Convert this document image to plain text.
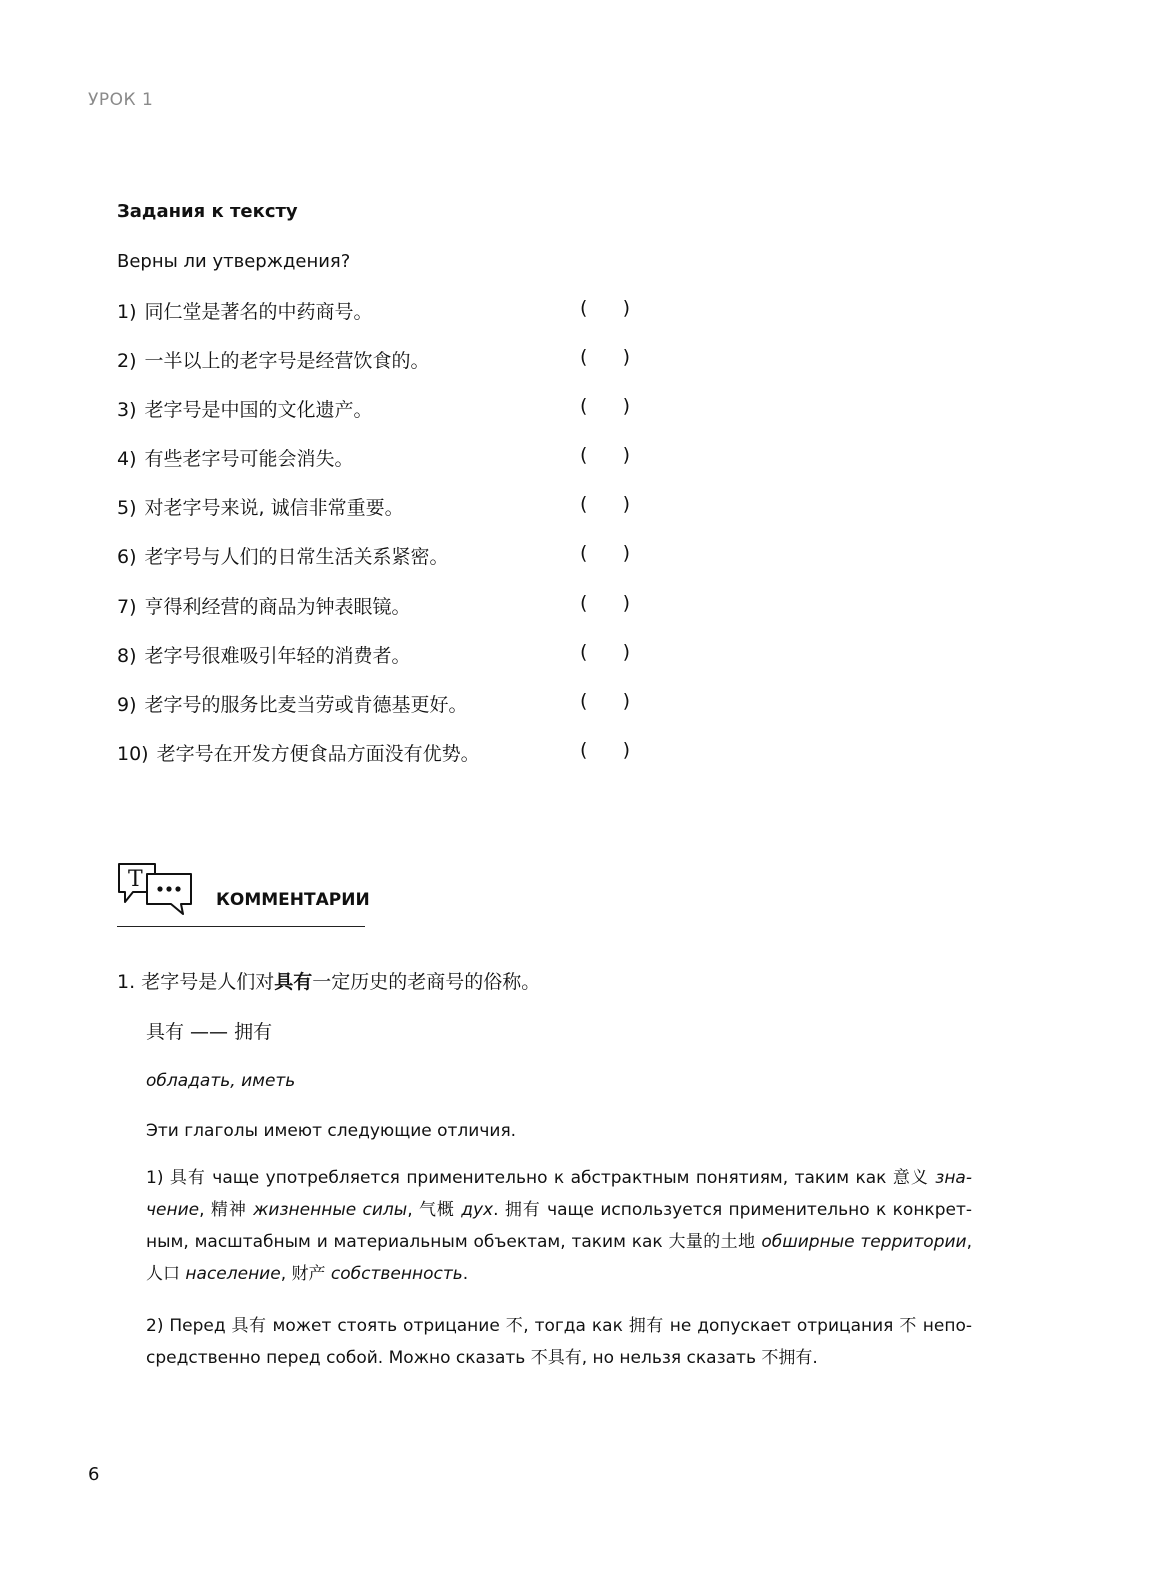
УРОК 1
Задания к тексту
Верны ли утверждения?
1) 同仁堂是著名的中药商号。	( )
2) 一半以上的老字号是经营饮食的。	( )
3) 老字号是中国的文化遗产。	( )
4) 有些老字号可能会消失。	( )
5) 对老字号来说, 诚信非常重要。	( )
6) 老字号与人们的日常生活关系紧密。	( )
7) 亨得利经营的商品为钟表眼镜。	( )
8) 老字号很难吸引年轻的消费者。	( )
9) 老字号的服务比麦当劳或肯德基更好。	( )
10) 老字号在开发方便食品方面没有优势。	( )
T
КОММЕНТАРИИ
1. 老字号是人们对具有一定历史的老商号的俗称。
具有 —— 拥有
обладать, иметь
Эти глаголы имеют следующие отличия.
1) 具有 чаще употребляется применительно к абстрактным понятиям, таким как 意义 значение, 精神 жизненные силы, 气概 дух. 拥有 чаще используется применительно к конкретным, масштабным и материальным объектам, таким как 大量的土地 обширные территории, 人口 население, 财产 собственность.
2) Перед 具有 может стоять отрицание 不, тогда как 拥有 не допускает отрицания 不 непосредственно перед собой. Можно сказать 不具有, но нельзя сказать 不拥有.
6
